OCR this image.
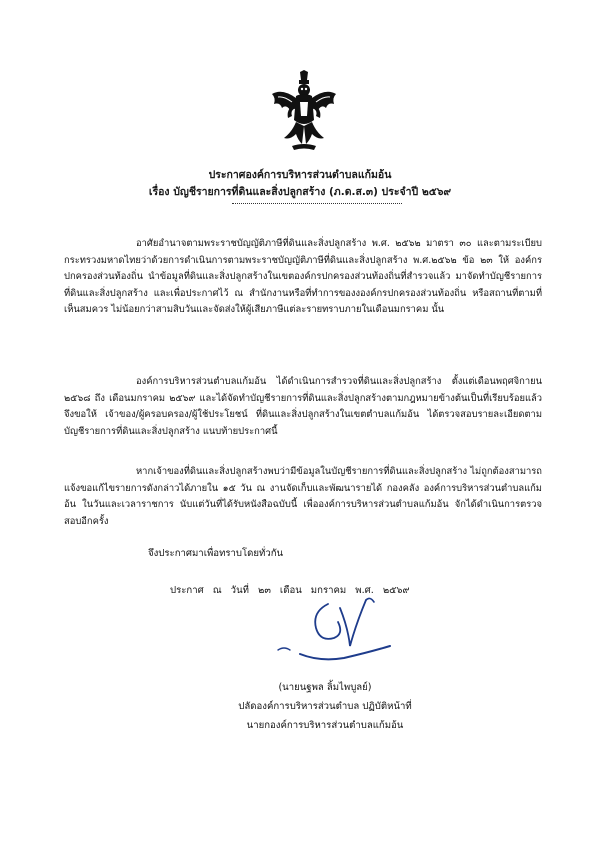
ประกาศองค์การบริหารส่วนตำบลแก้มอ้น
เรื่อง บัญชีรายการที่ดินและสิ่งปลูกสร้าง (ภ.ด.ส.๓) ประจำปี ๒๕๖๙
อาศัยอำนาจตามพระราชบัญญัติภาษีที่ดินและสิ่งปลูกสร้าง พ.ศ. ๒๕๖๒ มาตรา ๓๐ และตามระเบียบกระทรวงมหาดไทยว่าด้วยการดำเนินการตามพระราชบัญญัติภาษีที่ดินและสิ่งปลูกสร้าง พ.ศ.๒๕๖๒ ข้อ ๒๓ ให้ องค์กรปกครองส่วนท้องถิ่น นำข้อมูลที่ดินและสิ่งปลูกสร้างในเขตองค์กรปกครองส่วนท้องถิ่นที่สำรวจแล้ว มาจัดทำบัญชีรายการที่ดินและสิ่งปลูกสร้าง และเพื่อประกาศไว้ ณ สำนักงานหรือที่ทำการของงองค์กรปกครองส่วนท้องถิ่น หรือสถานที่ตามที่เห็นสมควร ไม่น้อยกว่าสามสิบวันและจัดส่งให้ผู้เสียภาษีแต่ละรายทราบภายในเดือนมกราคม นั้น
องค์การบริหารส่วนตำบลแก้มอ้น ได้ดำเนินการสำรวจที่ดินและสิ่งปลูกสร้าง ตั้งแต่เดือนพฤศจิกายน ๒๕๖๘ ถึง เดือนมกราคม ๒๕๖๙ และได้จัดทำบัญชีรายการที่ดินและสิ่งปลูกสร้างตามกฎหมายข้างต้นเป็นที่เรียบร้อยแล้ว จึงขอให้ เจ้าของ/ผู้ครอบครอง/ผู้ใช้ประโยชน์ ที่ดินและสิ่งปลูกสร้างในเขตตำบลแก้มอ้น ได้ตรวจสอบรายละเอียดตามบัญชีรายการที่ดินและสิ่งปลูกสร้าง แนบท้ายประกาศนี้
หากเจ้าของที่ดินและสิ่งปลูกสร้างพบว่ามีข้อมูลในบัญชีรายการที่ดินและสิ่งปลูกสร้าง ไม่ถูกต้องสามารถแจ้งขอแก้ไขรายการดังกล่าวได้ภายใน ๑๕ วัน ณ งานจัดเก็บและพัฒนารายได้ กองคลัง องค์การบริหารส่วนตำบลแก้มอ้น ในวันและเวลาราชการ นับแต่วันที่ได้รับหนังสือฉบับนี้ เพื่อองค์การบริหารส่วนตำบลแก้มอ้น จักได้ดำเนินการตรวจสอบอีกครั้ง
จึงประกาศมาเพื่อทราบโดยทั่วกัน
ประกาศ ณ วันที่ ๒๓ เดือน มกราคม พ.ศ. ๒๕๖๙
(นายนฐพล ลิ้มไพบูลย์)
ปลัดองค์การบริหารส่วนตำบล ปฏิบัติหน้าที่
นายกองค์การบริหารส่วนตำบลแก้มอ้น
